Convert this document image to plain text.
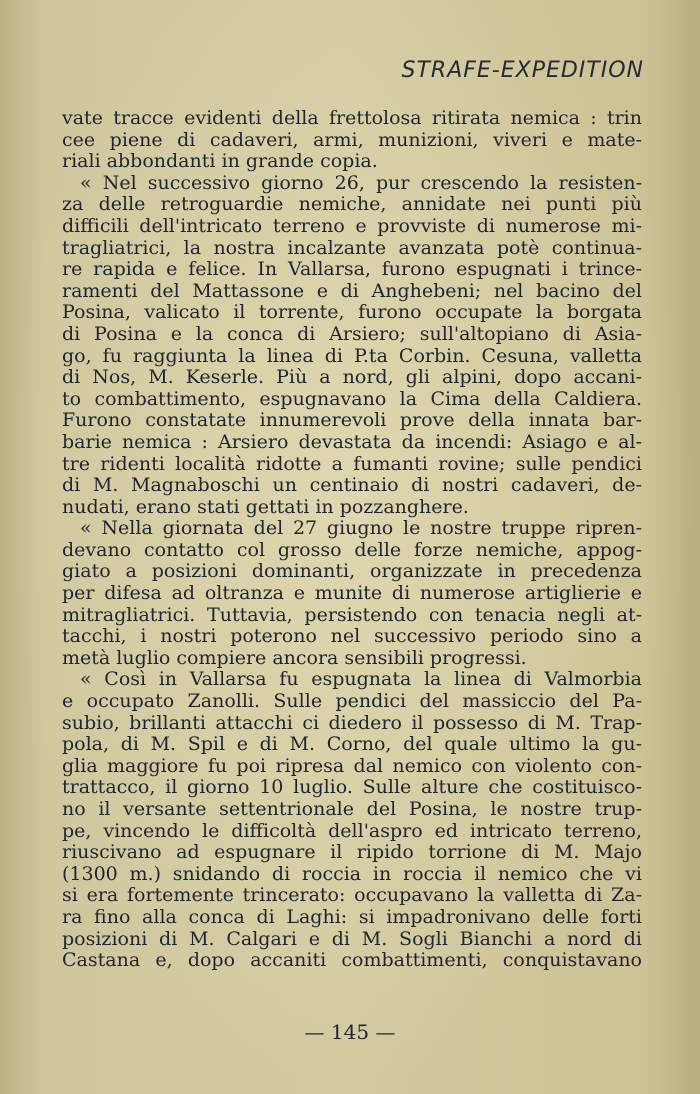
STRAFE-EXPEDITION
vate tracce evidenti della frettolosa ritirata nemica : trin
cee piene di cadaveri, armi, munizioni, viveri e mate-
riali abbondanti in grande copia.
« Nel successivo giorno 26, pur crescendo la resisten-
za delle retroguardie nemiche, annidate nei punti più
difficili dell'intricato terreno e provviste di numerose mi-
tragliatrici, la nostra incalzante avanzata potè continua-
re rapida e felice. In Vallarsa, furono espugnati i trince-
ramenti del Mattassone e di Anghebeni; nel bacino del
Posina, valicato il torrente, furono occupate la borgata
di Posina e la conca di Arsiero; sull'altopiano di Asia-
go, fu raggiunta la linea di P.ta Corbin. Cesuna, valletta
di Nos, M. Keserle. Più a nord, gli alpini, dopo accani-
to combattimento, espugnavano la Cima della Caldiera.
Furono constatate innumerevoli prove della innata bar-
barie nemica : Arsiero devastata da incendi: Asiago e al-
tre ridenti località ridotte a fumanti rovine; sulle pendici
di M. Magnaboschi un centinaio di nostri cadaveri, de-
nudati, erano stati gettati in pozzanghere.
« Nella giornata del 27 giugno le nostre truppe ripren-
devano contatto col grosso delle forze nemiche, appog-
giato a posizioni dominanti, organizzate in precedenza
per difesa ad oltranza e munite di numerose artiglierie e
mitragliatrici. Tuttavia, persistendo con tenacia negli at-
tacchi, i nostri poterono nel successivo periodo sino a
metà luglio compiere ancora sensibili progressi.
« Così in Vallarsa fu espugnata la linea di Valmorbia
e occupato Zanolli. Sulle pendici del massiccio del Pa-
subio, brillanti attacchi ci diedero il possesso di M. Trap-
pola, di M. Spil e di M. Corno, del quale ultimo la gu-
glia maggiore fu poi ripresa dal nemico con violento con-
trattacco, il giorno 10 luglio. Sulle alture che costituisco-
no il versante settentrionale del Posina, le nostre trup-
pe, vincendo le difficoltà dell'aspro ed intricato terreno,
riuscivano ad espugnare il ripido torrione di M. Majo
(1300 m.) snidando di roccia in roccia il nemico che vi
si era fortemente trincerato: occupavano la valletta di Za-
ra fino alla conca di Laghi: si impadronivano delle forti
posizioni di M. Calgari e di M. Sogli Bianchi a nord di
Castana e, dopo accaniti combattimenti, conquistavano
— 145 —
